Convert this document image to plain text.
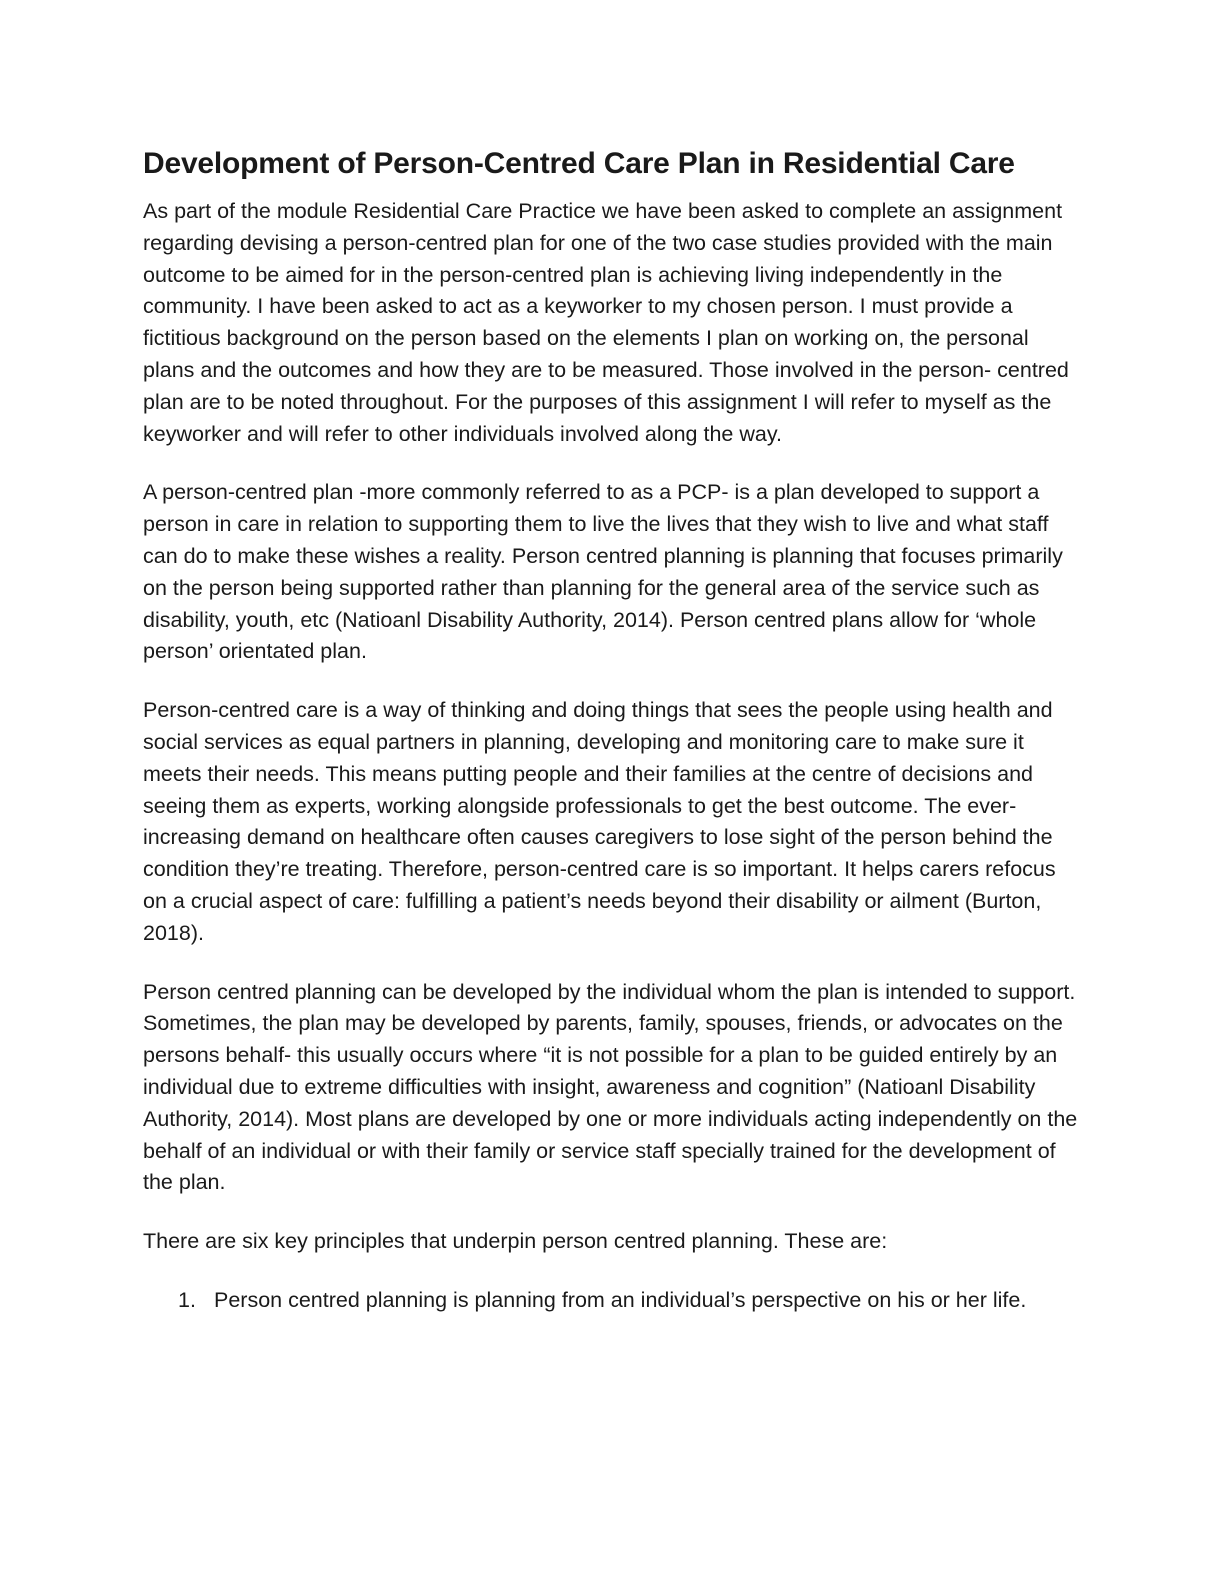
Development of Person-Centred Care Plan in Residential Care

As part of the module Residential Care Practice we have been asked to complete an assignment regarding devising a person-centred plan for one of the two case studies provided with the main outcome to be aimed for in the person-centred plan is achieving living independently in the community. I have been asked to act as a keyworker to my chosen person. I must provide a fictitious background on the person based on the elements I plan on working on, the personal plans and the outcomes and how they are to be measured. Those involved in the person- centred plan are to be noted throughout. For the purposes of this assignment I will refer to myself as the keyworker and will refer to other individuals involved along the way.

A person-centred plan -more commonly referred to as a PCP- is a plan developed to support a person in care in relation to supporting them to live the lives that they wish to live and what staff can do to make these wishes a reality. Person centred planning is planning that focuses primarily on the person being supported rather than planning for the general area of the service such as disability, youth, etc (Natioanl Disability Authority, 2014). Person centred plans allow for ‘whole person’ orientated plan.

Person-centred care is a way of thinking and doing things that sees the people using health and social services as equal partners in planning, developing and monitoring care to make sure it meets their needs. This means putting people and their families at the centre of decisions and seeing them as experts, working alongside professionals to get the best outcome. The ever-increasing demand on healthcare often causes caregivers to lose sight of the person behind the condition they’re treating. Therefore, person-centred care is so important. It helps carers refocus on a crucial aspect of care: fulfilling a patient’s needs beyond their disability or ailment (Burton, 2018).

Person centred planning can be developed by the individual whom the plan is intended to support. Sometimes, the plan may be developed by parents, family, spouses, friends, or advocates on the persons behalf- this usually occurs where “it is not possible for a plan to be guided entirely by an individual due to extreme difficulties with insight, awareness and cognition” (Natioanl Disability Authority, 2014). Most plans are developed by one or more individuals acting independently on the behalf of an individual or with their family or service staff specially trained for the development of the plan.

There are six key principles that underpin person centred planning. These are:

1. Person centred planning is planning from an individual’s perspective on his or her life.
